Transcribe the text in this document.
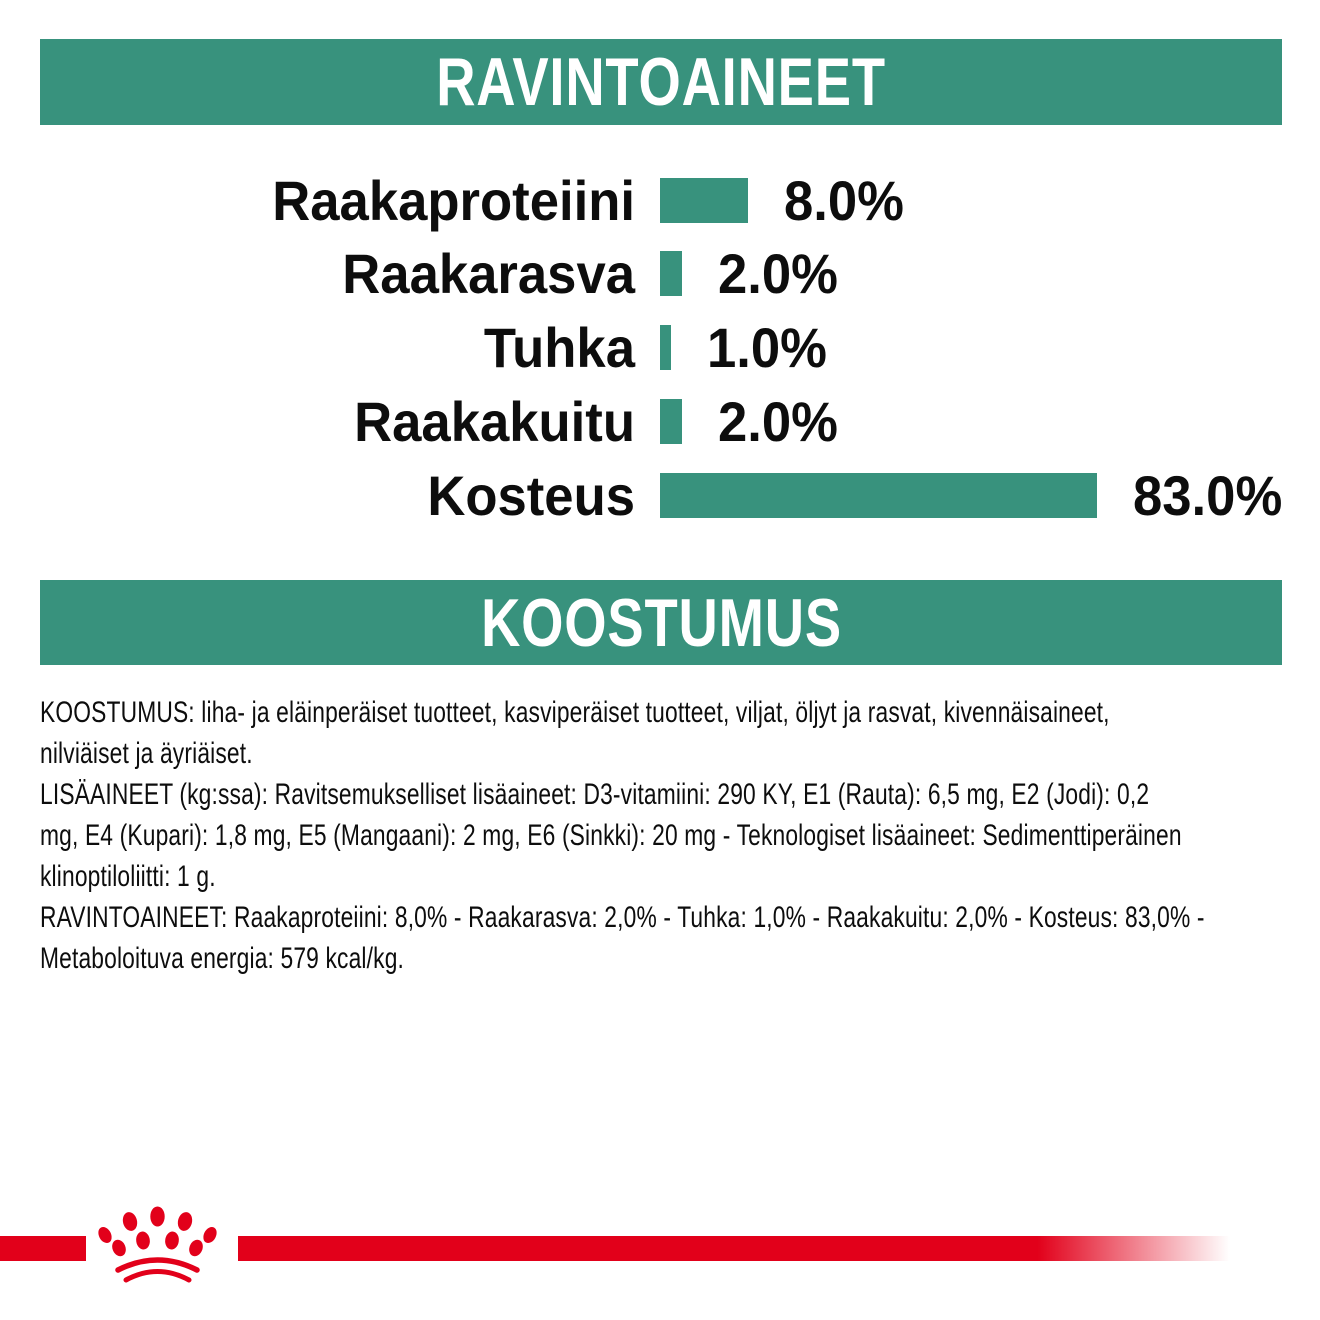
RAVINTOAINEET
Raakaproteiini	8.0%
Raakarasva 2.0%
Tuhka 1.0%
Raakakuitu 2.0%
Kosteus	83.0%
KOOSTUMUS
KOOSTUMUS: liha- ja eläinperäiset tuotteet, kasviperäiset tuotteet, viljat, öljyt ja rasvat, kivennäisaineet,
nilviäiset ja äyriäiset.
LISÄAINEET (kg:ssa): Ravitsemukselliset lisäaineet: D3-vitamiini: 290 KY, E1 (Rauta): 6,5 mg, E2 (Jodi): 0,2
mg, E4 (Kupari): 1,8 mg, E5 (Mangaani): 2 mg, E6 (Sinkki): 20 mg - Teknologiset lisäaineet: Sedimenttiperäinen
klinoptiloliitti: 1 g.
RAVINTOAINEET: Raakaproteiini: 8,0% - Raakarasva: 2,0% - Tuhka: 1,0% - Raakakuitu: 2,0% - Kosteus: 83,0% -
Metaboloituva energia: 579 kcal/kg.
